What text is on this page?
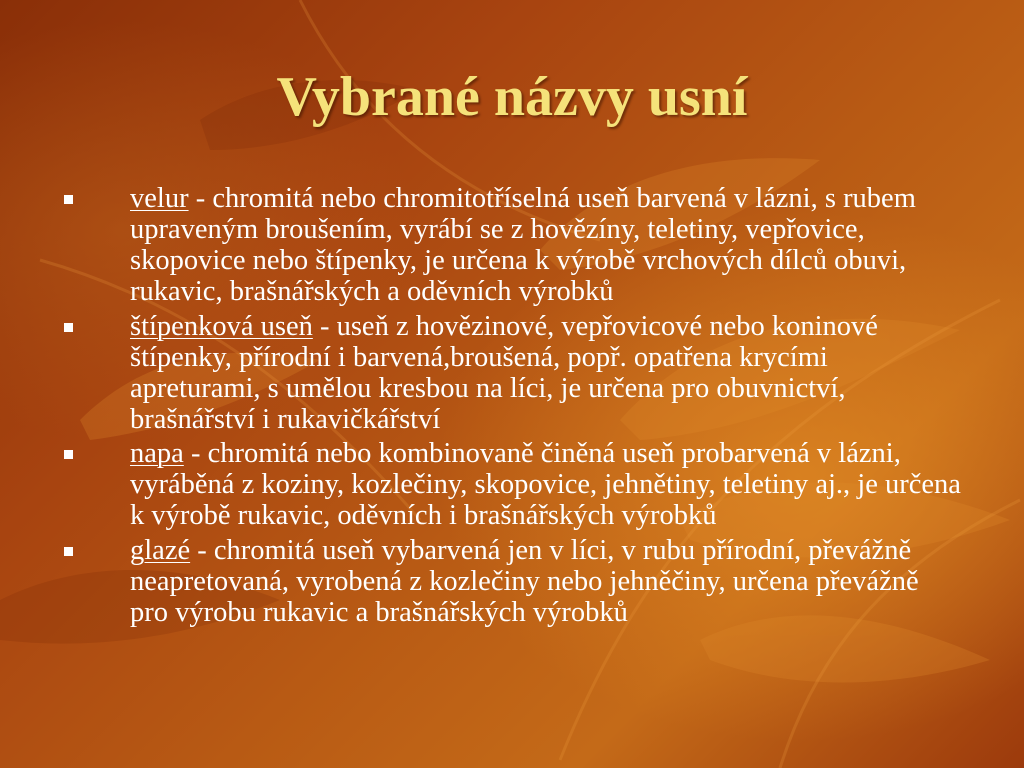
Vybrané názvy usní
velur - chromitá nebo chromitotříselná useň barvená v lázni, s rubem upraveným broušením, vyrábí se z hovězíny, teletiny, vepřovice, skopovice nebo štípenky, je určena k výrobě vrchových dílců obuvi, rukavic, brašnářských a oděvních výrobků
štípenková useň - useň z hovězinové, vepřovicové nebo koninové štípenky, přírodní i barvená,broušená, popř. opatřena krycími apreturami, s umělou kresbou na líci, je určena pro obuvnictví, brašnářství i rukavičkářství
napa - chromitá nebo kombinovaně činěná useň probarvená v lázni, vyráběná z koziny, kozlečiny, skopovice, jehnětiny, teletiny aj., je určena k výrobě rukavic, oděvních i brašnářských výrobků
glazé - chromitá useň vybarvená jen v líci, v rubu přírodní, převážně neapretovaná, vyrobená z kozlečiny nebo jehněčiny, určena převážně pro výrobu rukavic a brašnářských výrobků
